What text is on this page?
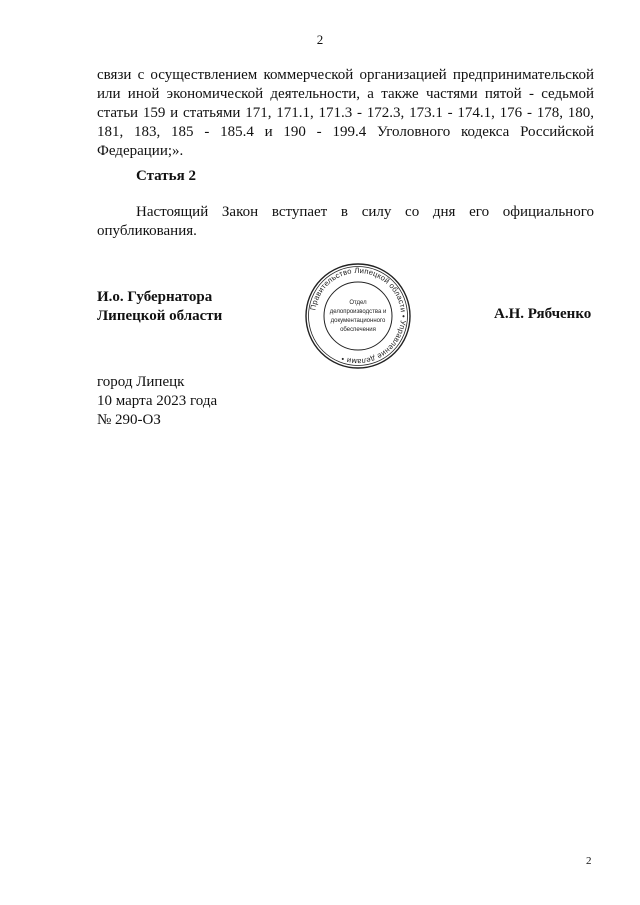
2
связи с осуществлением коммерческой организацией предпринимательской или иной экономической деятельности, а также частями пятой - седьмой статьи 159 и статьями 171, 171.1, 171.3 - 172.3, 173.1 - 174.1, 176 - 178, 180, 181, 183, 185 - 185.4 и 190 - 199.4 Уголовного кодекса Российской Федерации;».
Статья 2
Настоящий Закон вступает в силу со дня его официального опубликования.
И.о. Губернатора
Липецкой области
Правительство Липецкой области • Управление делами •
Отдел
делопроизводства и
документационного
обеспечения
А.Н. Рябченко
город Липецк
10 марта 2023 года
№ 290-ОЗ
2
